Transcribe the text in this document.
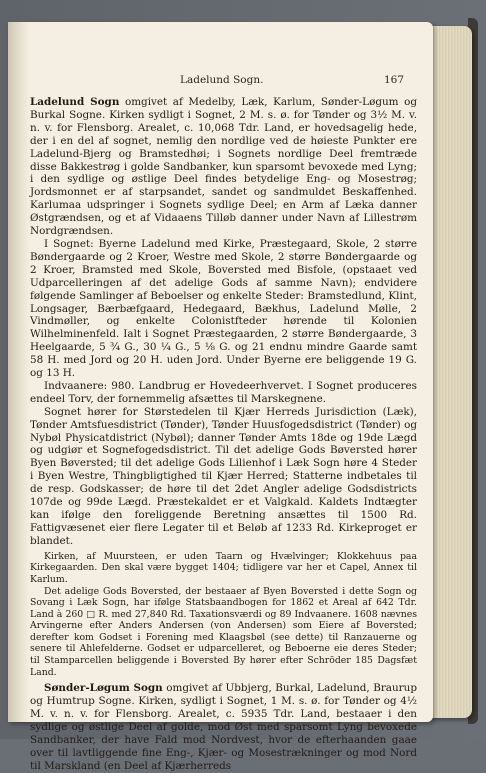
Ladelund Sogn.	167

Ladelund Sogn omgivet af Medelby, Læk, Karlum, Sønder-Løgum og Burkal Sogne. Kirken sydligt i Sognet, 2 M. s. ø. for Tønder og 3½ M. v. n. v. for Flensborg. Arealet, c. 10,068 Tdr. Land, er hovedsagelig hede, der i en del af sognet, nemlig den nordlige ved de høieste Punkter ere Ladelund-Bjerg og Bramstedhøi; i Sognets nordlige Deel fremtræde disse Bakkestrøg i golde Sandbanker, kun sparsomt bevoxede med Lyng; i den sydlige og østlige Deel findes betydelige Eng- og Mosestrøg; Jordsmonnet er af starpsandet, sandet og sandmuldet Beskaffenhed. Karlumaa udspringer i Sognets sydlige Deel; en Arm af Læka danner Østgrændsen, og et af Vidaaens Tilløb danner under Navn af Lillestrøm Nordgrændsen.

I Sognet: Byerne Ladelund med Kirke, Præstegaard, Skole, 2 større Bøndergaarde og 2 Kroer, Westre med Skole, 2 større Bøndergaarde og 2 Kroer, Bramsted med Skole, Boversted med Bisfole, (opstaaet ved Udparcelleringen af det adelige Gods af samme Navn); endvidere følgende Samlinger af Beboelser og enkelte Steder: Bramstedlund, Klint, Longsager, Bærbæfgaard, Hedegaard, Bækhus, Ladelund Mølle, 2 Vindmøller, og enkelte Colonistfteder hørende til Kolonien Wilhelminenfeld. Ialt i Sognet Præstegaarden, 2 større Bøndergaarde, 3 Heelgaarde, 5 ¾ G., 30 ¼ G., 5 ⅛ G. og 21 endnu mindre Gaarde samt 58 H. med Jord og 20 H. uden Jord. Under Byerne ere beliggende 19 G. og 13 H.

Indvaanere: 980. Landbrug er Hovedeerhvervet. I Sognet produceres endeel Torv, der fornemmelig afsættes til Marskegnene.

Sognet hører for Størstedelen til Kjær Herreds Jurisdiction (Læk), Tønder Amtsfuesdistrict (Tønder), Tønder Huusfogedsdistrict (Tønder) og Nybøl Physicatdistrict (Nybøl); danner Tønder Amts 18de og 19de Lægd og udgiør et Sognefogedsdistrict. Til det adelige Gods Bøversted hører Byen Bøversted; til det adelige Gods Lilienhof i Læk Sogn høre 4 Steder i Byen Westre, Thingbligtighed til Kjær Herred; Statterne indbetales til de resp. Godskasser; de høre til det 2det Angler adelige Godsdistricts 107de og 99de Lægd. Præstekaldet er et Valgkald. Kaldets Indtægter kan ifølge den foreliggende Beretning ansættes til 1500 Rd. Fattigvæsenet eier flere Legater til et Beløb af 1233 Rd. Kirkeproget er blandet.

Kirken, af Muursteen, er uden Taarn og Hvælvinger; Klokkehuus paa Kirkegaarden. Den skal være bygget 1404; tidligere var her et Capel, Annex til Karlum.

Det adelige Gods Boversted, der bestaaer af Byen Boversted i dette Sogn og Sovang i Læk Sogn, har ifølge Statsbaandbogen for 1862 et Areal af 642 Tdr. Land à 260 □ R. med 27,840 Rd. Taxationsværdi og 89 Indvaanere. 1608 nævnes Arvingerne efter Anders Andersen (von Andersen) som Eiere af Boversted; derefter kom Godset i Forening med Klaagsbøl (see dette) til Ranzauerne og senere til Ahlefelderne. Godset er udparcelleret, og Beboerne eie deres Steder; til Stamparcellen beliggende i Boversted By hører efter Schröder 185 Dagsfæt Land.

Sønder-Løgum Sogn omgivet af Ubbjerg, Burkal, Ladelund, Braurup og Humtrup Sogne. Kirken, sydligt i Sognet, 1 M. s. ø. for Tønder og 4½ M. v. n. v. for Flensborg. Arealet, c. 5935 Tdr. Land, bestaaer i den sydlige og østlige Deel af golde, mod Øst med sparsomt Lyng bevoxede Sandbanker, der have Fald mod Nordvest, hvor de efterhaanden gaae over til lavtliggende fine Eng-, Kjær- og Mosestrækninger og mod Nord til Marskland (en Deel af Kjærherreds
